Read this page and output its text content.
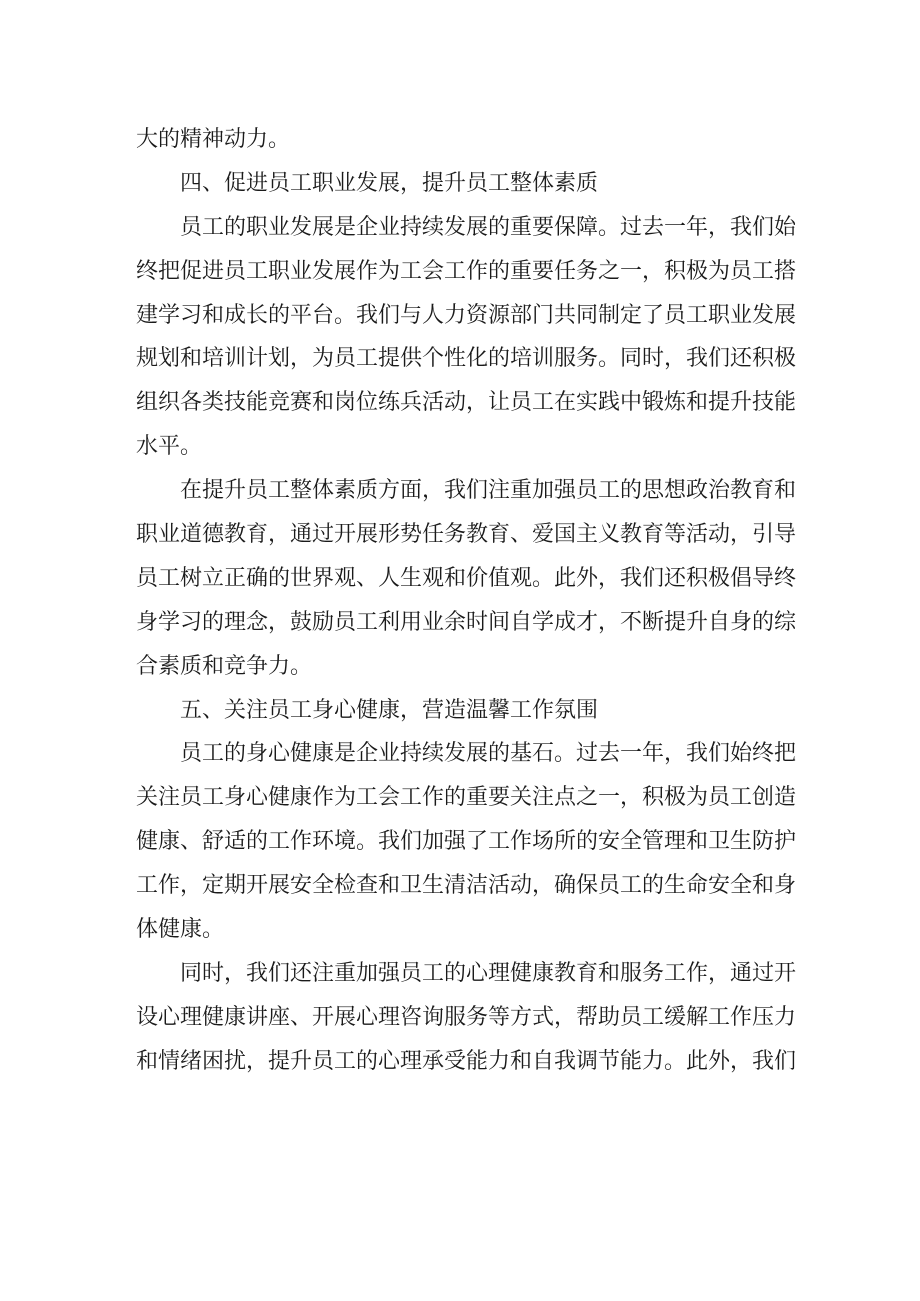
大的精神动力。
四、促进员工职业发展，提升员工整体素质
员工的职业发展是企业持续发展的重要保障。过去一年，我们始
终把促进员工职业发展作为工会工作的重要任务之一，积极为员工搭
建学习和成长的平台。我们与人力资源部门共同制定了员工职业发展
规划和培训计划，为员工提供个性化的培训服务。同时，我们还积极
组织各类技能竞赛和岗位练兵活动，让员工在实践中锻炼和提升技能
水平。
在提升员工整体素质方面，我们注重加强员工的思想政治教育和
职业道德教育，通过开展形势任务教育、爱国主义教育等活动，引导
员工树立正确的世界观、人生观和价值观。此外，我们还积极倡导终
身学习的理念，鼓励员工利用业余时间自学成才，不断提升自身的综
合素质和竞争力。
五、关注员工身心健康，营造温馨工作氛围
员工的身心健康是企业持续发展的基石。过去一年，我们始终把
关注员工身心健康作为工会工作的重要关注点之一，积极为员工创造
健康、舒适的工作环境。我们加强了工作场所的安全管理和卫生防护
工作，定期开展安全检查和卫生清洁活动，确保员工的生命安全和身
体健康。
同时，我们还注重加强员工的心理健康教育和服务工作，通过开
设心理健康讲座、开展心理咨询服务等方式，帮助员工缓解工作压力
和情绪困扰，提升员工的心理承受能力和自我调节能力。此外，我们
